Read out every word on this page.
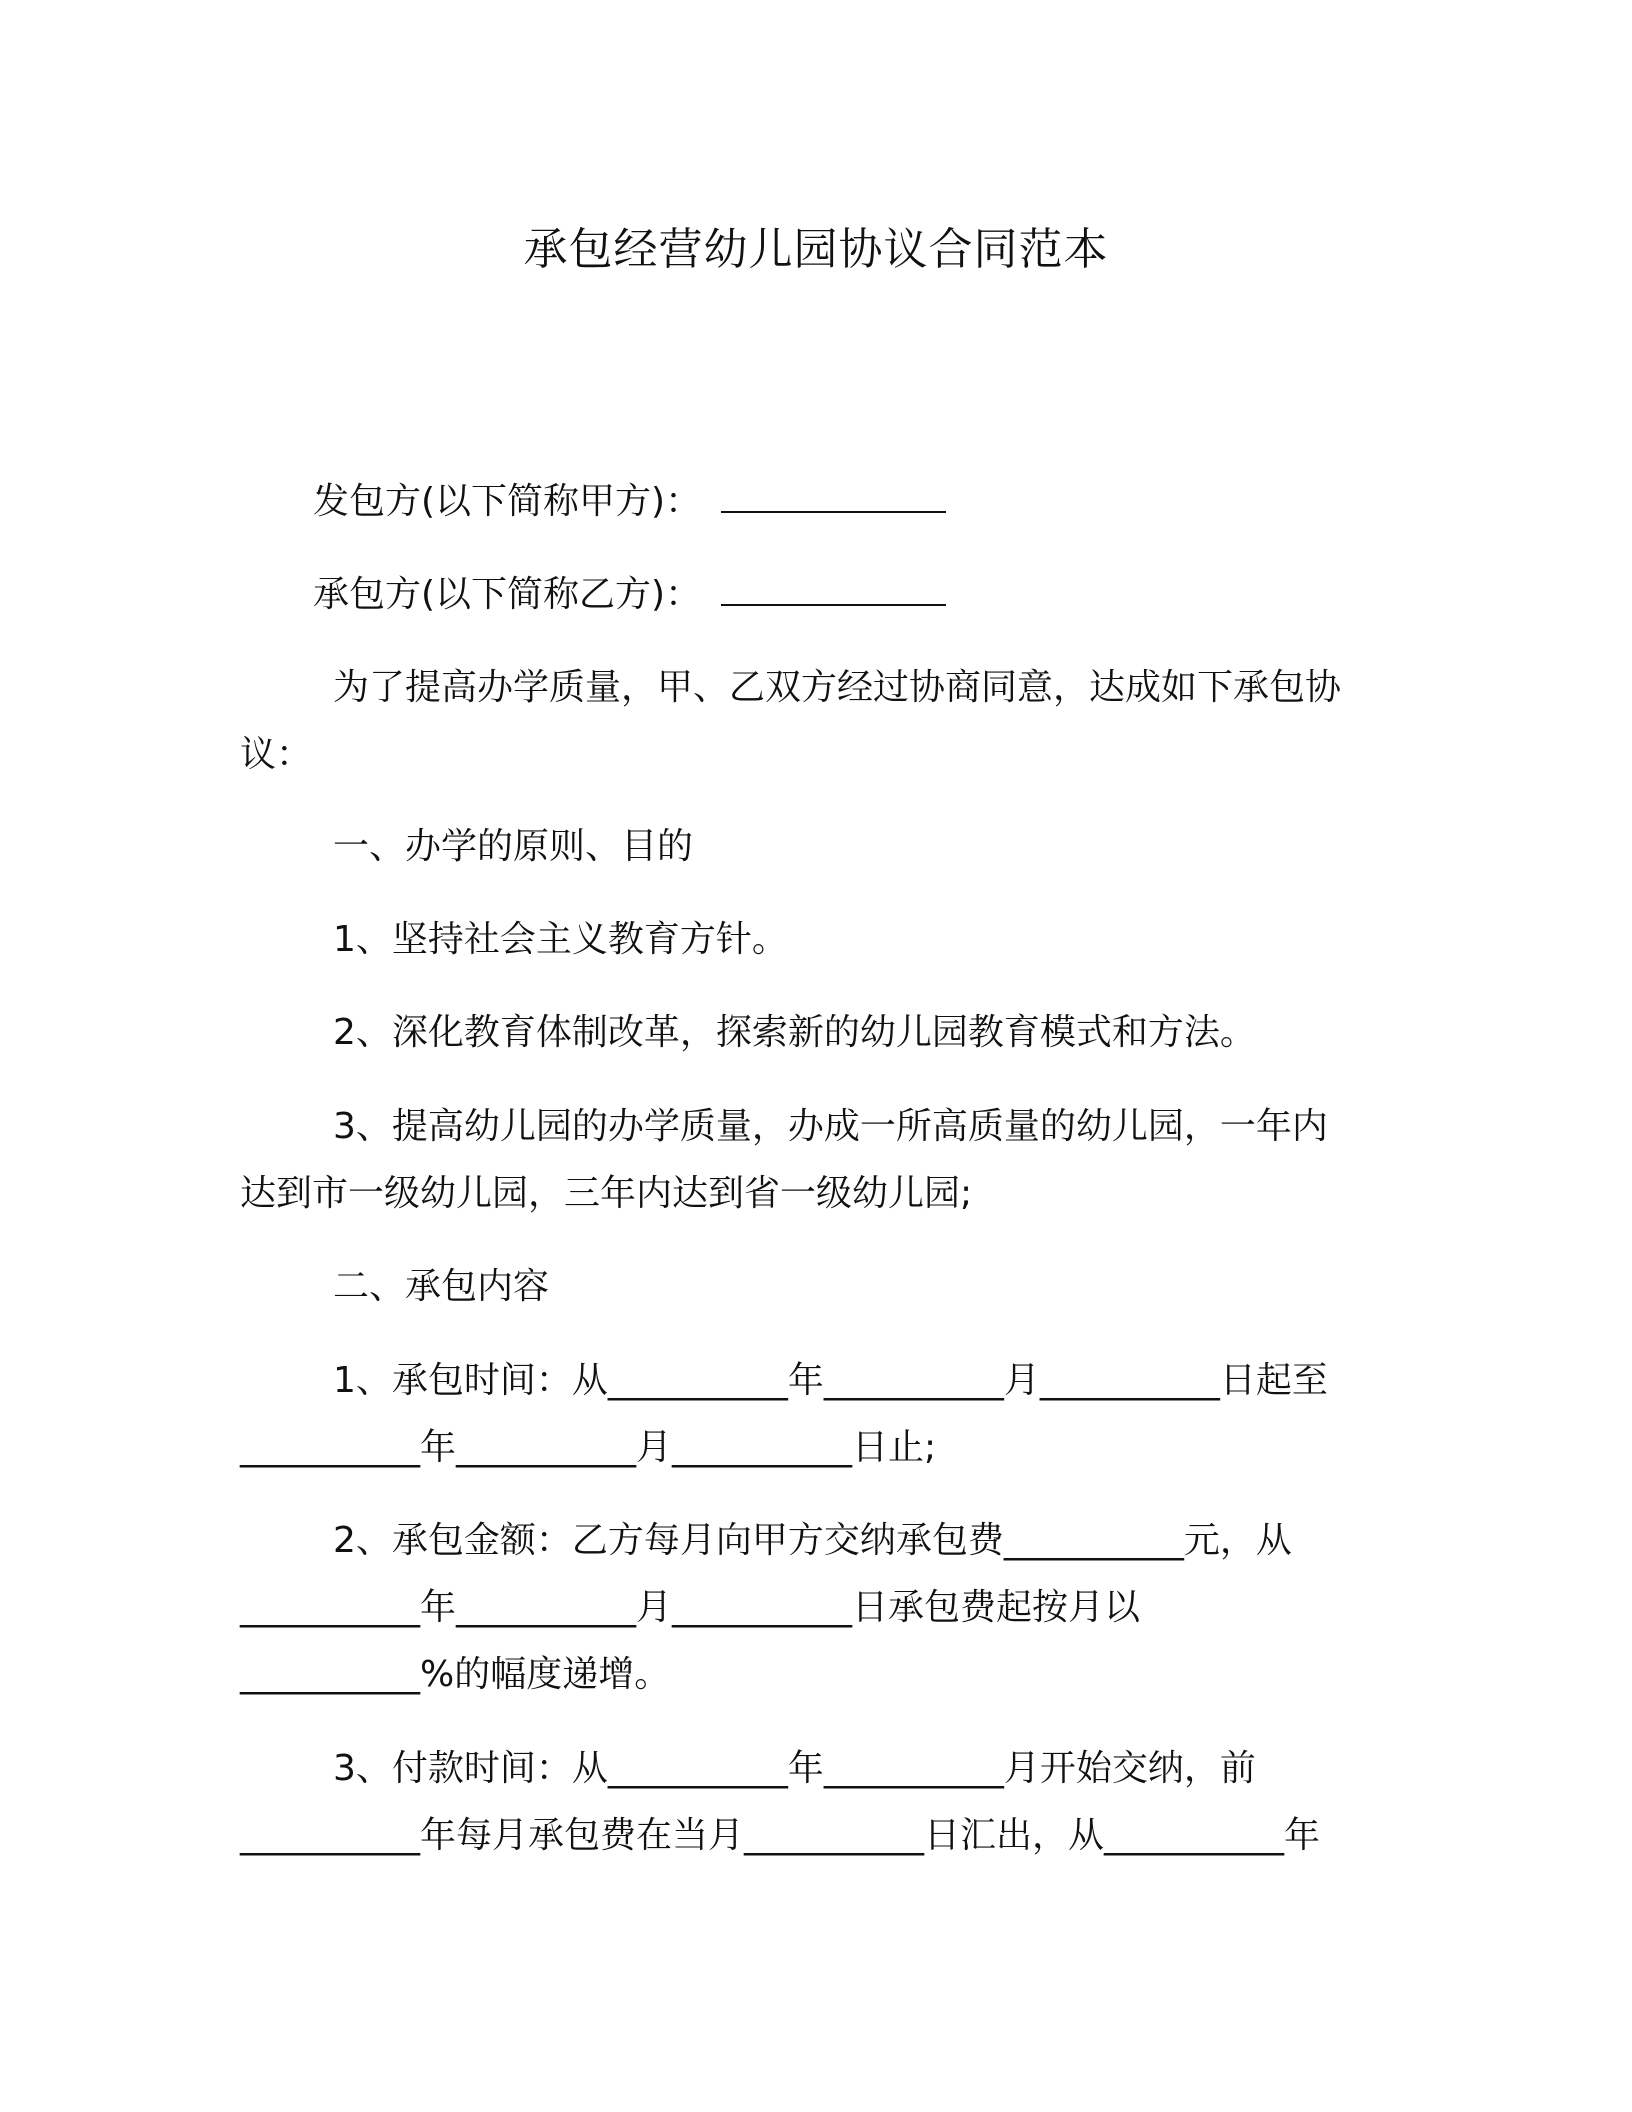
承包经营幼儿园协议合同范本
发包方(以下简称甲方)：
承包方(以下简称乙方)：
为了提高办学质量，甲、乙双方经过协商同意，达成如下承包协
议：
一、办学的原则、目的
1、坚持社会主义教育方针。
2、深化教育体制改革，探索新的幼儿园教育模式和方法。
3、提高幼儿园的办学质量，办成一所高质量的幼儿园，一年内
达到市一级幼儿园，三年内达到省一级幼儿园;
二、承包内容
1、承包时间：从__________年__________月__________日起至
__________年__________月__________日止;
2、承包金额：乙方每月向甲方交纳承包费__________元，从
__________年__________月__________日承包费起按月以
__________%的幅度递增。
3、付款时间：从__________年__________月开始交纳，前
__________年每月承包费在当月__________日汇出，从__________年
